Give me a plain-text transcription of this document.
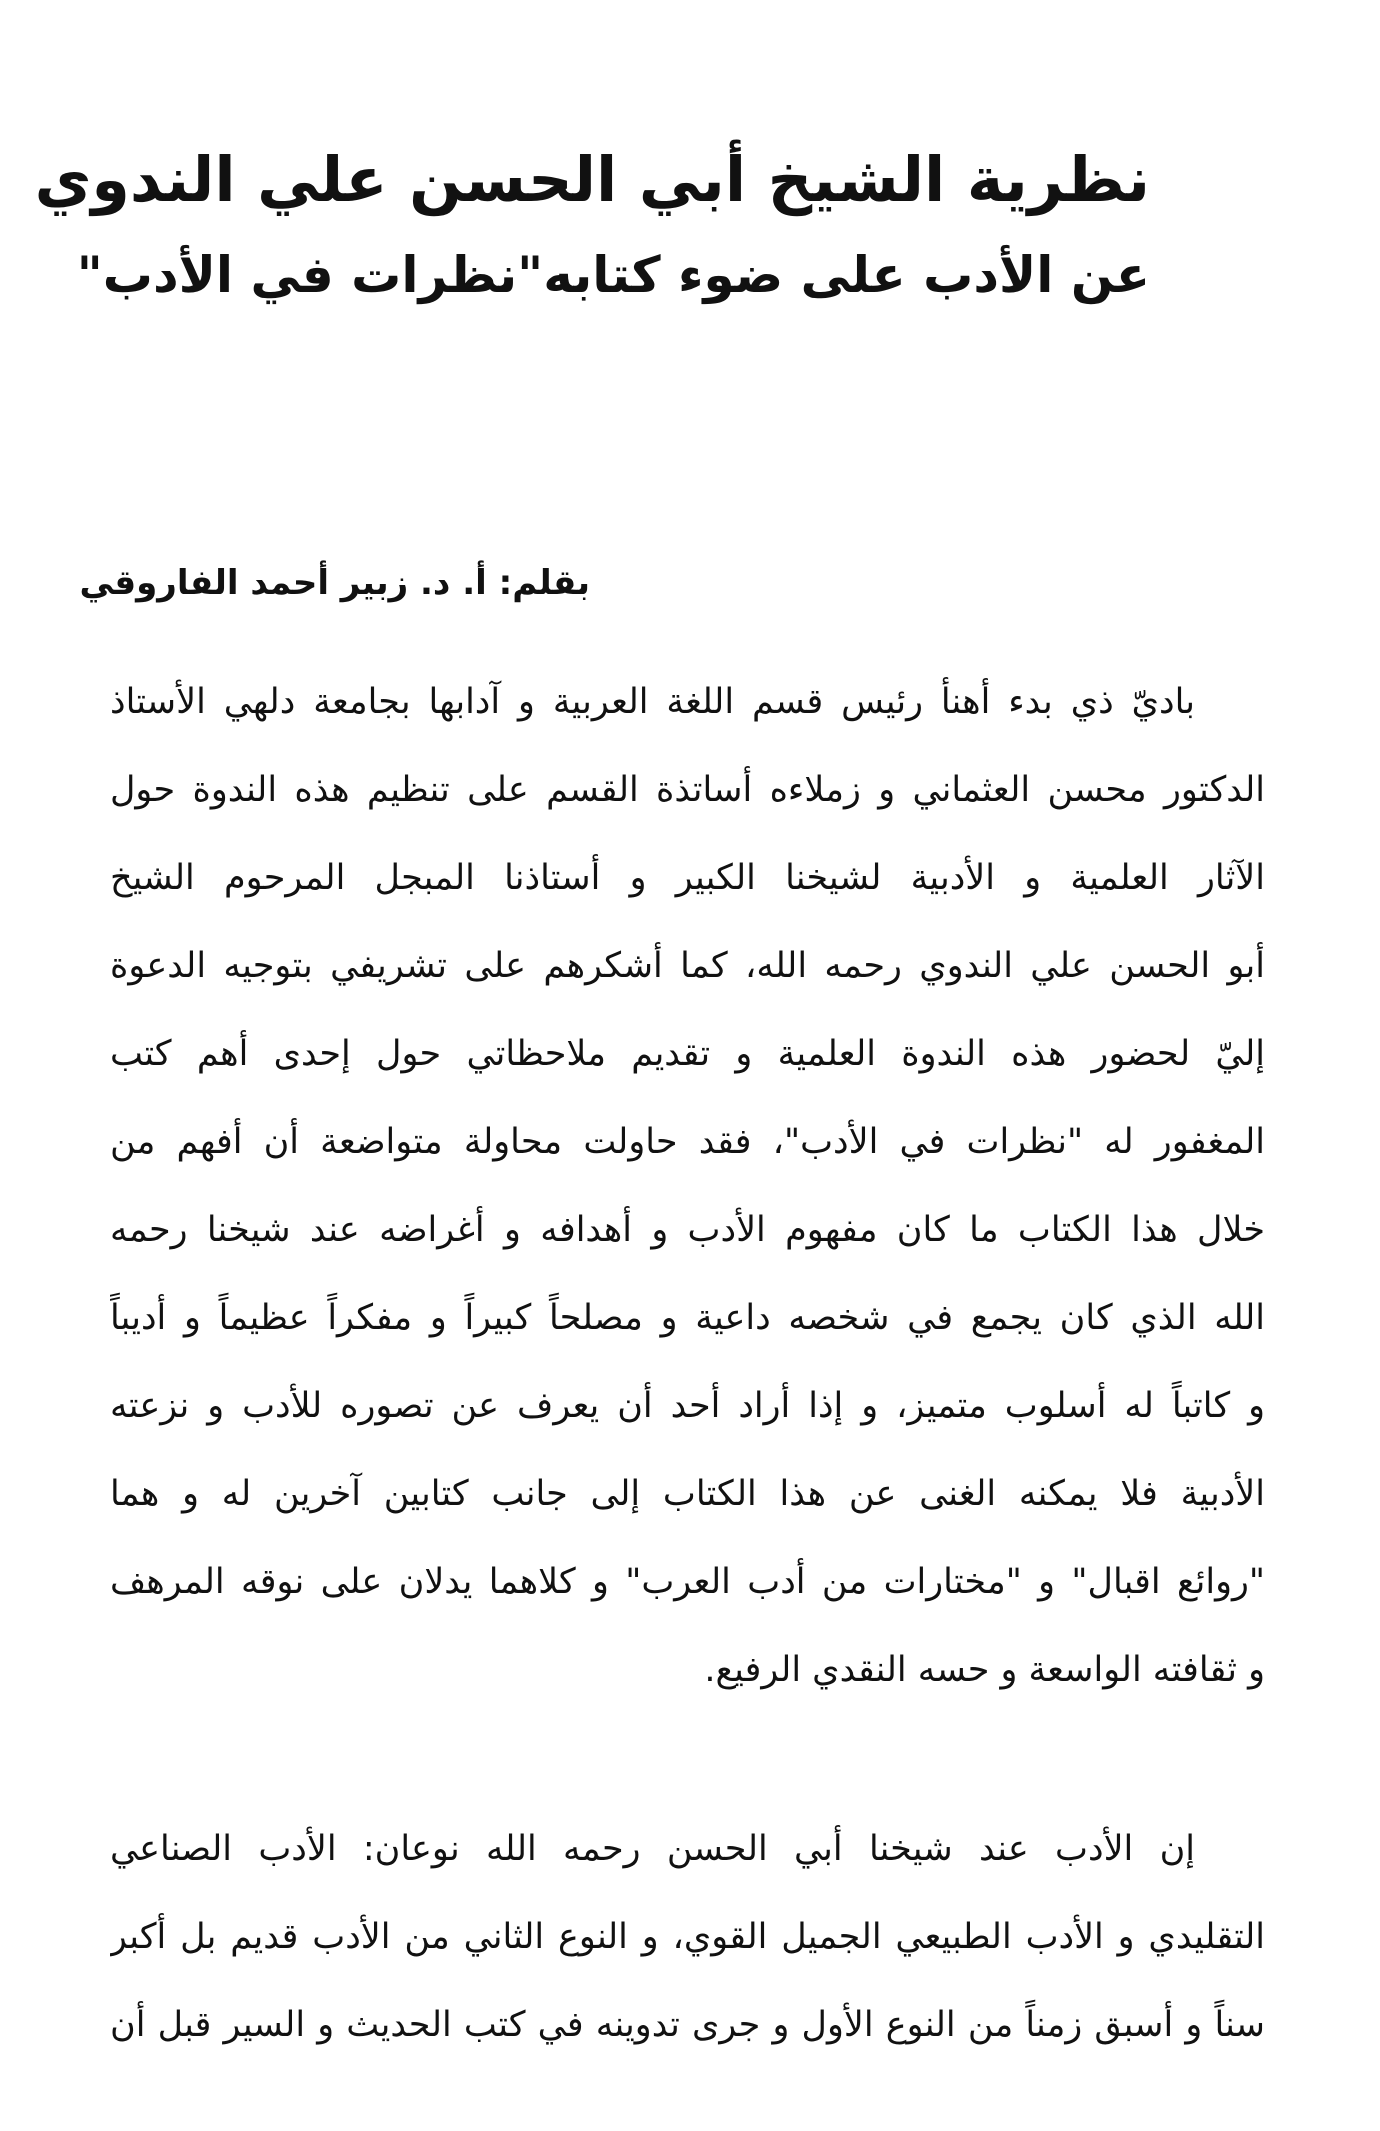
نظرية الشيخ أبي الحسن علي الندوي
عن الأدب على ضوء كتابه"نظرات في الأدب"
بقلم: أ. د. زبير أحمد الفاروقي
باديّ ذي بدء أهنأ رئيس قسم اللغة العربية و آدابها بجامعة دلهي الأستاذ
الدكتور محسن العثماني و زملاءه أساتذة القسم على تنظيم هذه الندوة حول
الآثار العلمية و الأدبية لشيخنا الكبير و أستاذنا المبجل المرحوم الشيخ
أبو الحسن علي الندوي رحمه الله، كما أشكرهم على تشريفي بتوجيه الدعوة
إليّ لحضور هذه الندوة العلمية و تقديم ملاحظاتي حول إحدى أهم كتب
المغفور له "نظرات في الأدب"، فقد حاولت محاولة متواضعة أن أفهم من
خلال هذا الكتاب ما كان مفهوم الأدب و أهدافه و أغراضه عند شيخنا رحمه
الله الذي كان يجمع في شخصه داعية و مصلحاً كبيراً و مفكراً عظيماً و أديباً
و كاتباً له أسلوب متميز، و إذا أراد أحد أن يعرف عن تصوره للأدب و نزعته
الأدبية فلا يمكنه الغنى عن هذا الكتاب إلى جانب كتابين آخرين له و هما
"روائع اقبال" و "مختارات من أدب العرب" و كلاهما يدلان على نوقه المرهف
و ثقافته الواسعة و حسه النقدي الرفيع.
إن الأدب عند شيخنا أبي الحسن رحمه الله نوعان: الأدب الصناعي
التقليدي و الأدب الطبيعي الجميل القوي، و النوع الثاني من الأدب قديم بل أكبر
سناً و أسبق زمناً من النوع الأول و جرى تدوينه في كتب الحديث و السير قبل أن
